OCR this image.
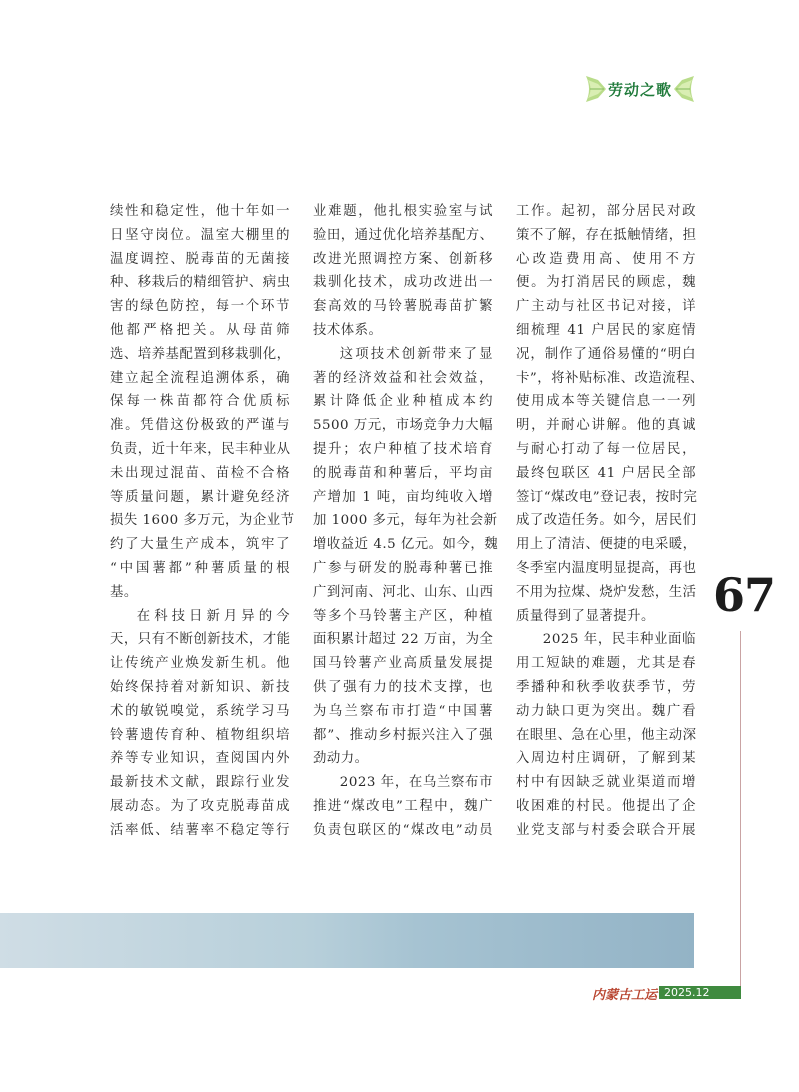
劳动之歌
续性和稳定性，他十年如一
日坚守岗位。温室大棚里的
温度调控、脱毒苗的无菌接
种、移栽后的精细管护、病虫
害的绿色防控，每一个环节
他都严格把关。从母苗筛
选、培养基配置到移栽驯化，
建立起全流程追溯体系，确
保每一株苗都符合优质标
准。凭借这份极致的严谨与
负责，近十年来，民丰种业从
未出现过混苗、苗检不合格
等质量问题，累计避免经济
损失 1600 多万元，为企业节
约了大量生产成本，筑牢了
“中国薯都”种薯质量的根
基。
在科技日新月异的今
天，只有不断创新技术，才能
让传统产业焕发新生机。他
始终保持着对新知识、新技
术的敏锐嗅觉，系统学习马
铃薯遗传育种、植物组织培
养等专业知识，查阅国内外
最新技术文献，跟踪行业发
展动态。为了攻克脱毒苗成
活率低、结薯率不稳定等行
业难题，他扎根实验室与试
验田，通过优化培养基配方、
改进光照调控方案、创新移
栽驯化技术，成功改进出一
套高效的马铃薯脱毒苗扩繁
技术体系。
这项技术创新带来了显
著的经济效益和社会效益，
累计降低企业种植成本约
5500 万元，市场竞争力大幅
提升；农户种植了技术培育
的脱毒苗和种薯后，平均亩
产增加 1 吨，亩均纯收入增
加 1000 多元，每年为社会新
增收益近 4.5 亿元。如今，魏
广参与研发的脱毒种薯已推
广到河南、河北、山东、山西
等多个马铃薯主产区，种植
面积累计超过 22 万亩，为全
国马铃薯产业高质量发展提
供了强有力的技术支撑，也
为乌兰察布市打造“中国薯
都”、推动乡村振兴注入了强
劲动力。
2023 年，在乌兰察布市
推进“煤改电”工程中，魏广
负责包联区的“煤改电”动员
工作。起初，部分居民对政
策不了解，存在抵触情绪，担
心改造费用高、使用不方
便。为打消居民的顾虑，魏
广主动与社区书记对接，详
细梳理 41 户居民的家庭情
况，制作了通俗易懂的“明白
卡”，将补贴标准、改造流程、
使用成本等关键信息一一列
明，并耐心讲解。他的真诚
与耐心打动了每一位居民，
最终包联区 41 户居民全部
签订“煤改电”登记表，按时完
成了改造任务。如今，居民们
用上了清洁、便捷的电采暖，
冬季室内温度明显提高，再也
不用为拉煤、烧炉发愁，生活
质量得到了显著提升。
2025 年，民丰种业面临
用工短缺的难题，尤其是春
季播种和秋季收获季节，劳
动力缺口更为突出。魏广看
在眼里、急在心里，他主动深
入周边村庄调研，了解到某
村中有因缺乏就业渠道而增
收困难的村民。他提出了企
业党支部与村委会联合开展
67
内蒙古工运 2025.12
